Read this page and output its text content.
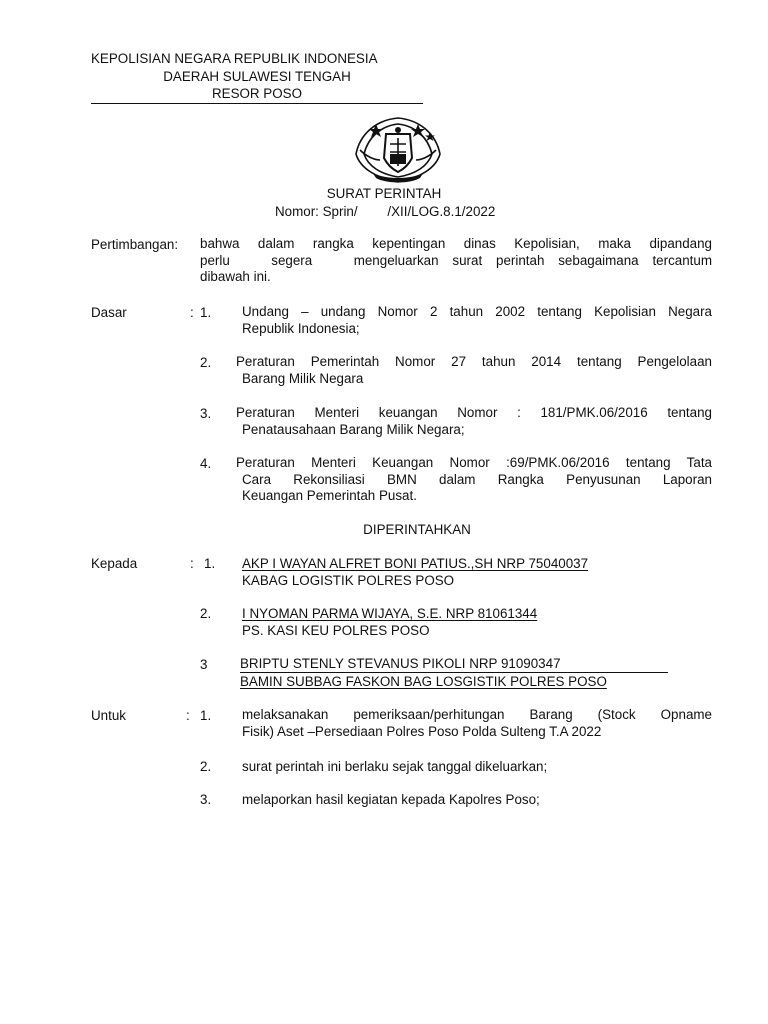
KEPOLISIAN NEGARA REPUBLIK INDONESIA
DAERAH SULAWESI TENGAH
RESOR POSO
SURAT PERINTAH
Nomor: Sprin/        /XII/LOG.8.1/2022
Pertimbangan: bahwa dalam rangka kepentingan dinas Kepolisian, maka dipandang
perlu   segera   mengeluarkan surat perintah sebagaimana tercantum
dibawah ini.
Dasar	: 1. Undang – undang Nomor 2 tahun 2002 tentang Kepolisian Negara
Republik Indonesia;
2. Peraturan Pemerintah Nomor 27 tahun 2014 tentang Pengelolaan
Barang Milik Negara
3. Peraturan Menteri keuangan Nomor : 181/PMK.06/2016 tentang
Penatausahaan Barang Milik Negara;
4. Peraturan Menteri Keuangan Nomor :69/PMK.06/2016 tentang Tata
Cara Rekonsiliasi BMN dalam Rangka Penyusunan Laporan
Keuangan Pemerintah Pusat.
DIPERINTAHKAN
Kepada	: 1. AKP I WAYAN ALFRET BONI PATIUS.,SH NRP 75040037
KABAG LOGISTIK POLRES POSO
2. I NYOMAN PARMA WIJAYA, S.E. NRP 81061344
PS. KASI KEU POLRES POSO
3 BRIPTU STENLY STEVANUS PIKOLI NRP 91090347
BAMIN SUBBAG FASKON BAG LOSGISTIK POLRES POSO
Untuk	: 1. melaksanakan pemeriksaan/perhitungan Barang (Stock Opname
Fisik) Aset –Persediaan Polres Poso Polda Sulteng T.A 2022
2. surat perintah ini berlaku sejak tanggal dikeluarkan;
3. melaporkan hasil kegiatan kepada Kapolres Poso;
